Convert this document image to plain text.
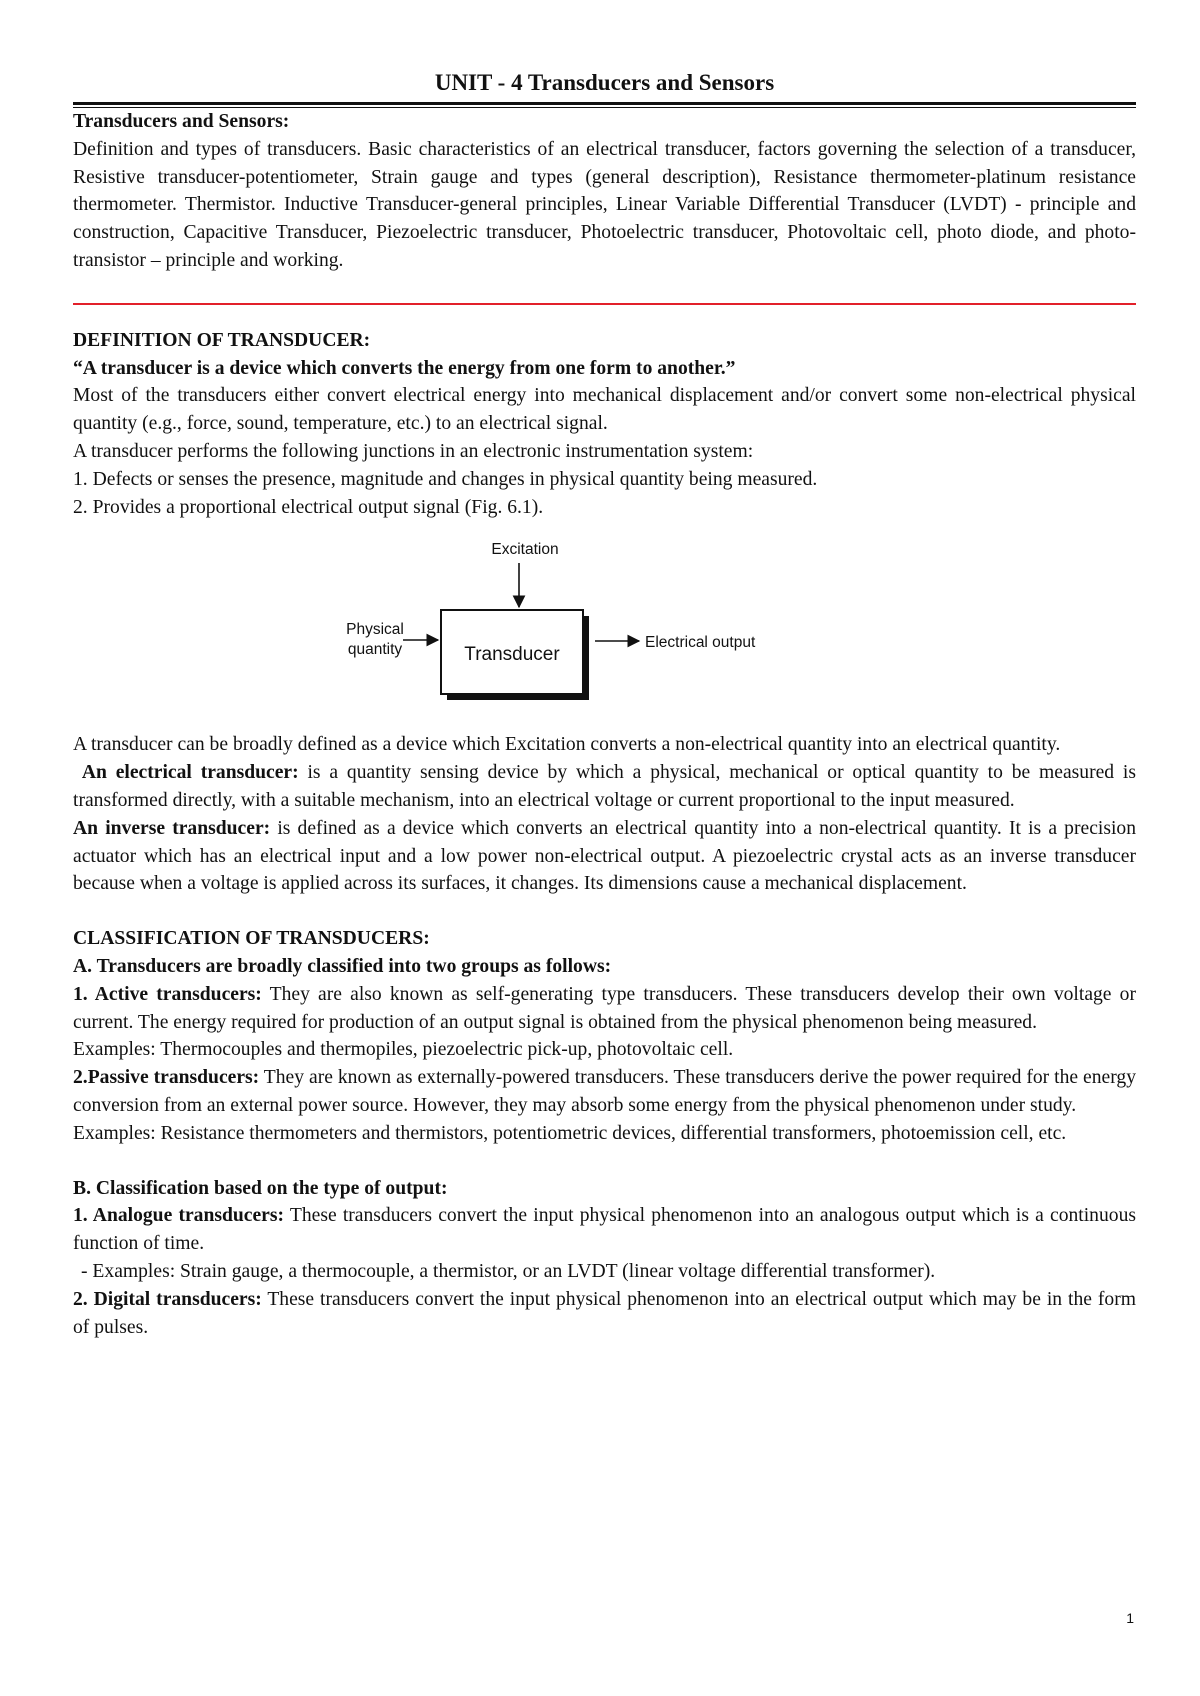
UNIT - 4 Transducers and Sensors

Transducers and Sensors:

Definition and types of transducers. Basic characteristics of an electrical transducer, factors governing the selection of a transducer, Resistive transducer-potentiometer, Strain gauge and types (general description), Resistance thermometer-platinum resistance thermometer. Thermistor. Inductive Transducer-general principles, Linear Variable Differential Transducer (LVDT) - principle and construction, Capacitive Transducer, Piezoelectric transducer, Photoelectric transducer, Photovoltaic cell, photo diode, and photo-transistor – principle and working.

DEFINITION OF TRANSDUCER:

“A transducer is a device which converts the energy from one form to another.”

Most of the transducers either convert electrical energy into mechanical displacement and/or convert some non-electrical physical quantity (e.g., force, sound, temperature, etc.) to an electrical signal.

A transducer performs the following junctions in an electronic instrumentation system:

1. Defects or senses the presence, magnitude and changes in physical quantity being measured.

2. Provides a proportional electrical output signal (Fig. 6.1).

Excitation
Transducer
Physical
quantity	Electrical output

A transducer can be broadly defined as a device which Excitation converts a non-electrical quantity into an electrical quantity.

An electrical transducer: is a quantity sensing device by which a physical, mechanical or optical quantity to be measured is transformed directly, with a suitable mechanism, into an electrical voltage or current proportional to the input measured.

An inverse transducer: is defined as a device which converts an electrical quantity into a non-electrical quantity. It is a precision actuator which has an electrical input and a low power non-electrical output. A piezoelectric crystal acts as an inverse transducer because when a voltage is applied across its surfaces, it changes. Its dimensions cause a mechanical displacement.

CLASSIFICATION OF TRANSDUCERS:

A. Transducers are broadly classified into two groups as follows:

1. Active transducers: They are also known as self-generating type transducers. These transducers develop their own voltage or current. The energy required for production of an output signal is obtained from the physical phenomenon being measured.

Examples: Thermocouples and thermopiles, piezoelectric pick-up, photovoltaic cell.

2.Passive transducers: They are known as externally-powered transducers. These transducers derive the power required for the energy conversion from an external power source. However, they may absorb some energy from the physical phenomenon under study.

Examples: Resistance thermometers and thermistors, potentiometric devices, differential transformers, photoemission cell, etc.

B. Classification based on the type of output:

1. Analogue transducers: These transducers convert the input physical phenomenon into an analogous output which is a continuous function of time.

- Examples: Strain gauge, a thermocouple, a thermistor, or an LVDT (linear voltage differential transformer).

2. Digital transducers: These transducers convert the input physical phenomenon into an electrical output which may be in the form of pulses.

1
